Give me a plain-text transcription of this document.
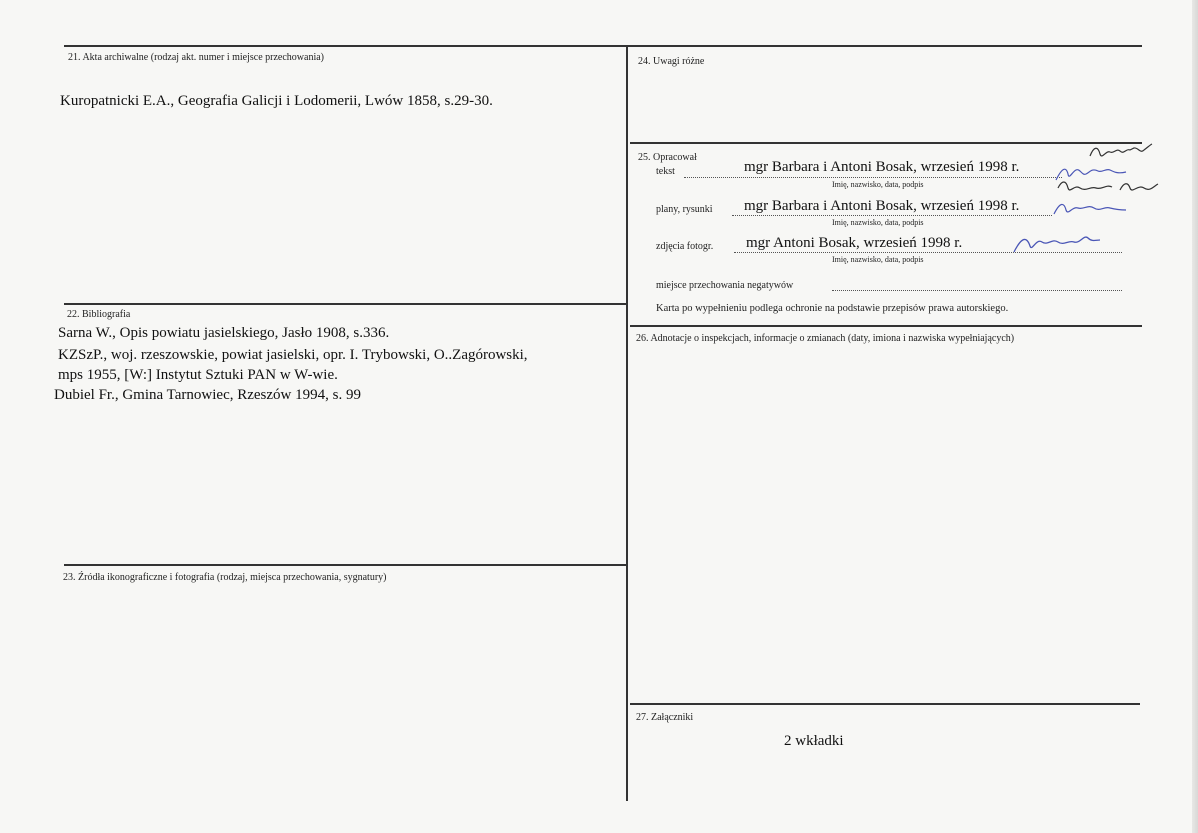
21. Akta archiwalne (rodzaj akt. numer i miejsce przechowania)
Kuropatnicki E.A., Geografia Galicji i Lodomerii, Lwów 1858, s.29-30.
22. Bibliografia
Sarna W., Opis powiatu jasielskiego, Jasło 1908, s.336.
KZSzP., woj. rzeszowskie, powiat jasielski, opr. I. Trybowski, O..Zagórowski,
mps 1955, [W:] Instytut Sztuki PAN w W-wie.
Dubiel Fr., Gmina Tarnowiec, Rzeszów 1994, s. 99
23. Źródła ikonograficzne i fotografia (rodzaj, miejsca przechowania, sygnatury)
24. Uwagi różne
25. Opracował
tekst	mgr Barbara i Antoni Bosak, wrzesień 1998 r.
Imię, nazwisko, data, podpis
plany, rysunki mgr Barbara i Antoni Bosak, wrzesień 1998 r.
Imię, nazwisko, data, podpis
zdjęcia fotogr. mgr Antoni Bosak, wrzesień 1998 r.
Imię, nazwisko, data, podpis
miejsce przechowania negatywów
Karta po wypełnieniu podlega ochronie na podstawie przepisów prawa autorskiego.
26. Adnotacje o inspekcjach, informacje o zmianach (daty, imiona i nazwiska wypełniających)
27. Załączniki
2 wkładki
